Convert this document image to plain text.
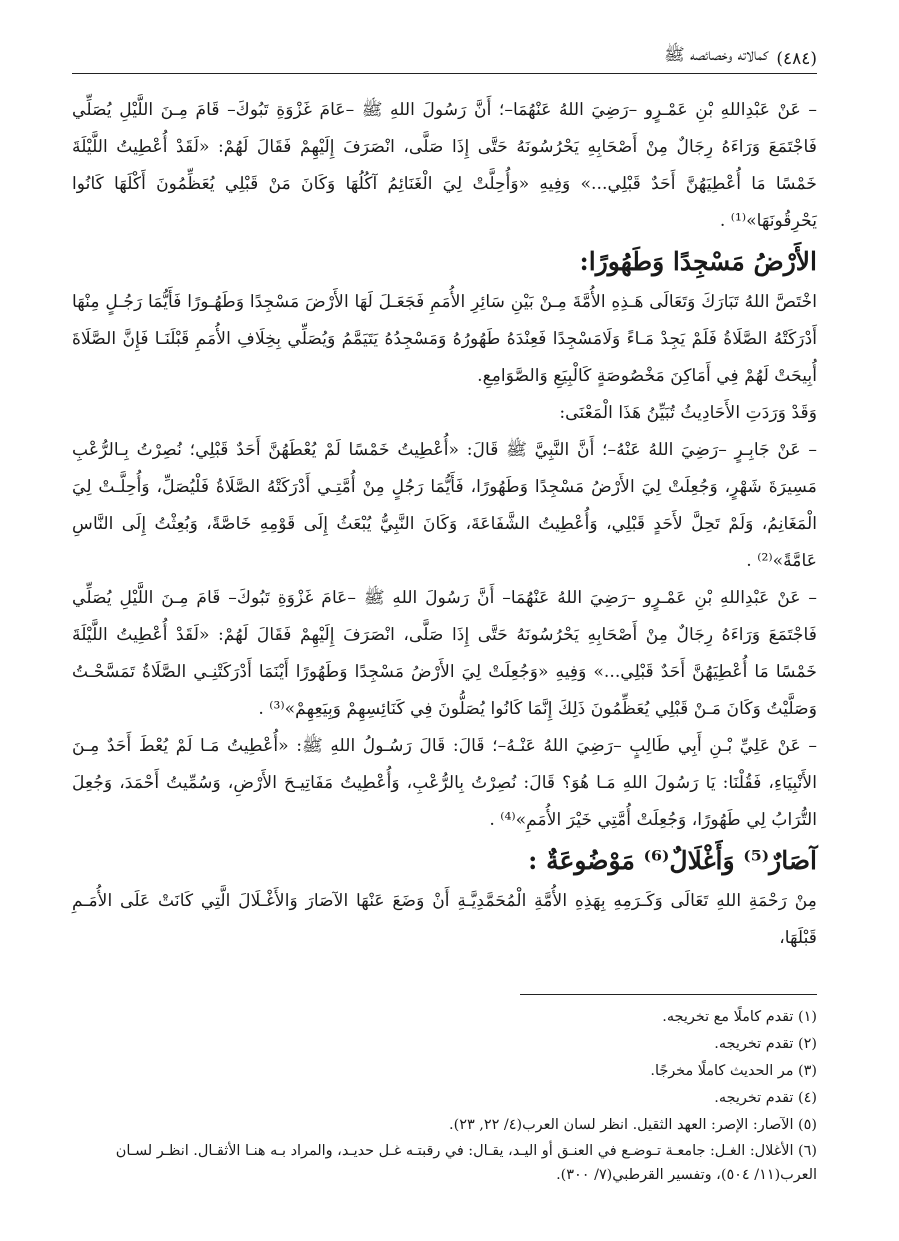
(٤٨٤)
كمالاته وخصائصه ﷺ

– عَنْ عَبْدِاللهِ بْنِ عَمْـرٍو –رَضِيَ اللهُ عَنْهُمَا–؛ أَنَّ رَسُولَ اللهِ ﷺ –عَامَ غَزْوَةِ تَبُوكَ– قَامَ مِـنَ اللَّيْلِ يُصَلِّي فَاجْتَمَعَ وَرَاءَهُ رِجَالٌ مِنْ أَصْحَابِهِ يَحْرُسُونَهُ حَتَّى إِذَا صَلَّى، انْصَرَفَ إِلَيْهِمْ فَقَالَ لَهُمْ: «لَقَدْ أُعْطِيتُ اللَّيْلَةَ خَمْسًا مَا أُعْطِيَهُنَّ أَحَدٌ قَبْلِي...» وَفِيهِ «وَأُحِلَّتْ لِيَ الْغَنَائِمُ آكُلُهَا وَكَانَ مَنْ قَبْلِي يُعَظِّمُونَ أَكْلَهَا كَانُوا يَحْرِقُونَهَا»⁽¹⁾ .

الأَرْضُ مَسْجِدًا وَطَهُورًا:

اخْتَصَّ اللهُ تَبَارَكَ وَتَعَالَى هَـذِهِ الأُمَّةَ مِـنْ بَيْنِ سَائِرِ الأُمَمِ فَجَعَـلَ لَهَا الأَرْضَ مَسْجِدًا وَطَهُـورًا فَأَيُّمَا رَجُـلٍ مِنْهَا أَدْرَكَتْهُ الصَّلَاةُ فَلَمْ يَجِدْ مَـاءً وَلَامَسْجِدًا فَعِنْدَهُ طَهُورُهُ وَمَسْجِدُهُ يَتَيَمَّمُ وَيُصَلِّي بِخِلَافِ الأُمَمِ قَبْلَنَـا فَإِنَّ الصَّلَاةَ أُبِيحَتْ لَهُمْ فِي أَمَاكِنَ مَخْصُوصَةٍ كَالْبِيَعِ وَالصَّوَامِعِ.

وَقَدْ وَرَدَتِ الأَحَادِيثُ تُبَيِّنُ هَذَا الْمَعْنَى:

– عَنْ جَابِـرٍ –رَضِيَ اللهُ عَنْهُ–؛ أَنَّ النَّبِيَّ ﷺ قَالَ: «أُعْطِيتُ خَمْسًا لَمْ يُعْطَهُنَّ أَحَدٌ قَبْلِي؛ نُصِرْتُ بِـالرُّعْبِ مَسِيرَةَ شَهْرٍ، وَجُعِلَتْ لِيَ الأَرْضُ مَسْجِدًا وَطَهُورًا، فَأَيُّمَا رَجُلٍ مِنْ أُمَّتِـي أَدْرَكَتْهُ الصَّلَاةُ فَلْيُصَلِّ، وَأُحِلَّـتْ لِيَ الْمَغَانِمُ، وَلَمْ تَحِلَّ لأَحَدٍ قَبْلِي، وَأُعْطِيتُ الشَّفَاعَةَ، وَكَانَ النَّبِيُّ يُبْعَثُ إِلَى قَوْمِهِ خَاصَّةً، وَبُعِثْتُ إِلَى النَّاسِ عَامَّةً»⁽²⁾ .

– عَنْ عَبْدِاللهِ بْنِ عَمْـرٍو –رَضِيَ اللهُ عَنْهُمَا– أَنَّ رَسُولَ اللهِ ﷺ –عَامَ غَزْوَةِ تَبُوكَ– قَامَ مِـنَ اللَّيْلِ يُصَلِّي فَاجْتَمَعَ وَرَاءَهُ رِجَالٌ مِنْ أَصْحَابِهِ يَحْرُسُونَهُ حَتَّى إِذَا صَلَّى، انْصَرَفَ إِلَيْهِمْ فَقَالَ لَهُمْ: «لَقَدْ أُعْطِيتُ اللَّيْلَةَ خَمْسًا مَا أُعْطِيَهُنَّ أَحَدٌ قَبْلِي...» وَفِيهِ «وَجُعِلَتْ لِيَ الأَرْضُ مَسْجِدًا وَطَهُورًا أَيْنَمَا أَدْرَكَتْنِـي الصَّلَاةُ تَمَسَّحْـتُ وَصَلَّيْتُ وَكَانَ مَـنْ قَبْلِي يُعَظِّمُونَ ذَلِكَ إِنَّمَا كَانُوا يُصَلُّونَ فِي كَنَائِسِهِمْ وَبِيَعِهِمْ»⁽³⁾ .

– عَنْ عَلِيِّ بْـنِ أَبِي طَالِبٍ –رَضِيَ اللهُ عَنْـهُ–؛ قَالَ: قَالَ رَسُـولُ اللهِ ﷺ: «أُعْطِيتُ مَـا لَمْ يُعْطَ أَحَدٌ مِـنَ الأَنْبِيَاءِ، فَقُلْنَا: يَا رَسُولَ اللهِ مَـا هُوَ؟ قَالَ: نُصِرْتُ بِالرُّعْبِ، وَأُعْطِيتُ مَفَاتِيـحَ الأَرْضِ، وَسُمِّيتُ أَحْمَدَ، وَجُعِلَ التُّرَابُ لِي طَهُورًا، وَجُعِلَتْ أُمَّتِي خَيْرَ الأُمَمِ»⁽⁴⁾ .

آصَارٌ⁽⁵⁾ وَأَغْلَالٌ⁽⁶⁾ مَوْضُوعَةٌ :

مِنْ رَحْمَةِ اللهِ تَعَالَى وَكَـرَمِهِ بِهَذِهِ الأُمَّةِ الْمُحَمَّدِيَّـةِ أَنْ وَضَعَ عَنْهَا الآصَارَ وَالأَغْـلَالَ الَّتِي كَانَتْ عَلَى الأُمَـمِ قَبْلَهَا،

(١) تقدم كاملًا مع تخريجه.

(٢) تقدم تخريجه.

(٣) مر الحديث كاملًا مخرجًا.

(٤) تقدم تخريجه.

(٥) الآصار: الإصر: العهد الثقيل. انظر لسان العرب(٤/ ٢٢, ٢٣).

(٦) الأغلال: الغـل: جامعـة تـوضـع في العنـق أو اليـد، يقـال: في رقبتـه غـل حديـد، والمراد بـه هنـا الأثقـال. انظـر لسـان العرب(١١/ ٥٠٤)، وتفسير القرطبي(٧/ ٣٠٠).
